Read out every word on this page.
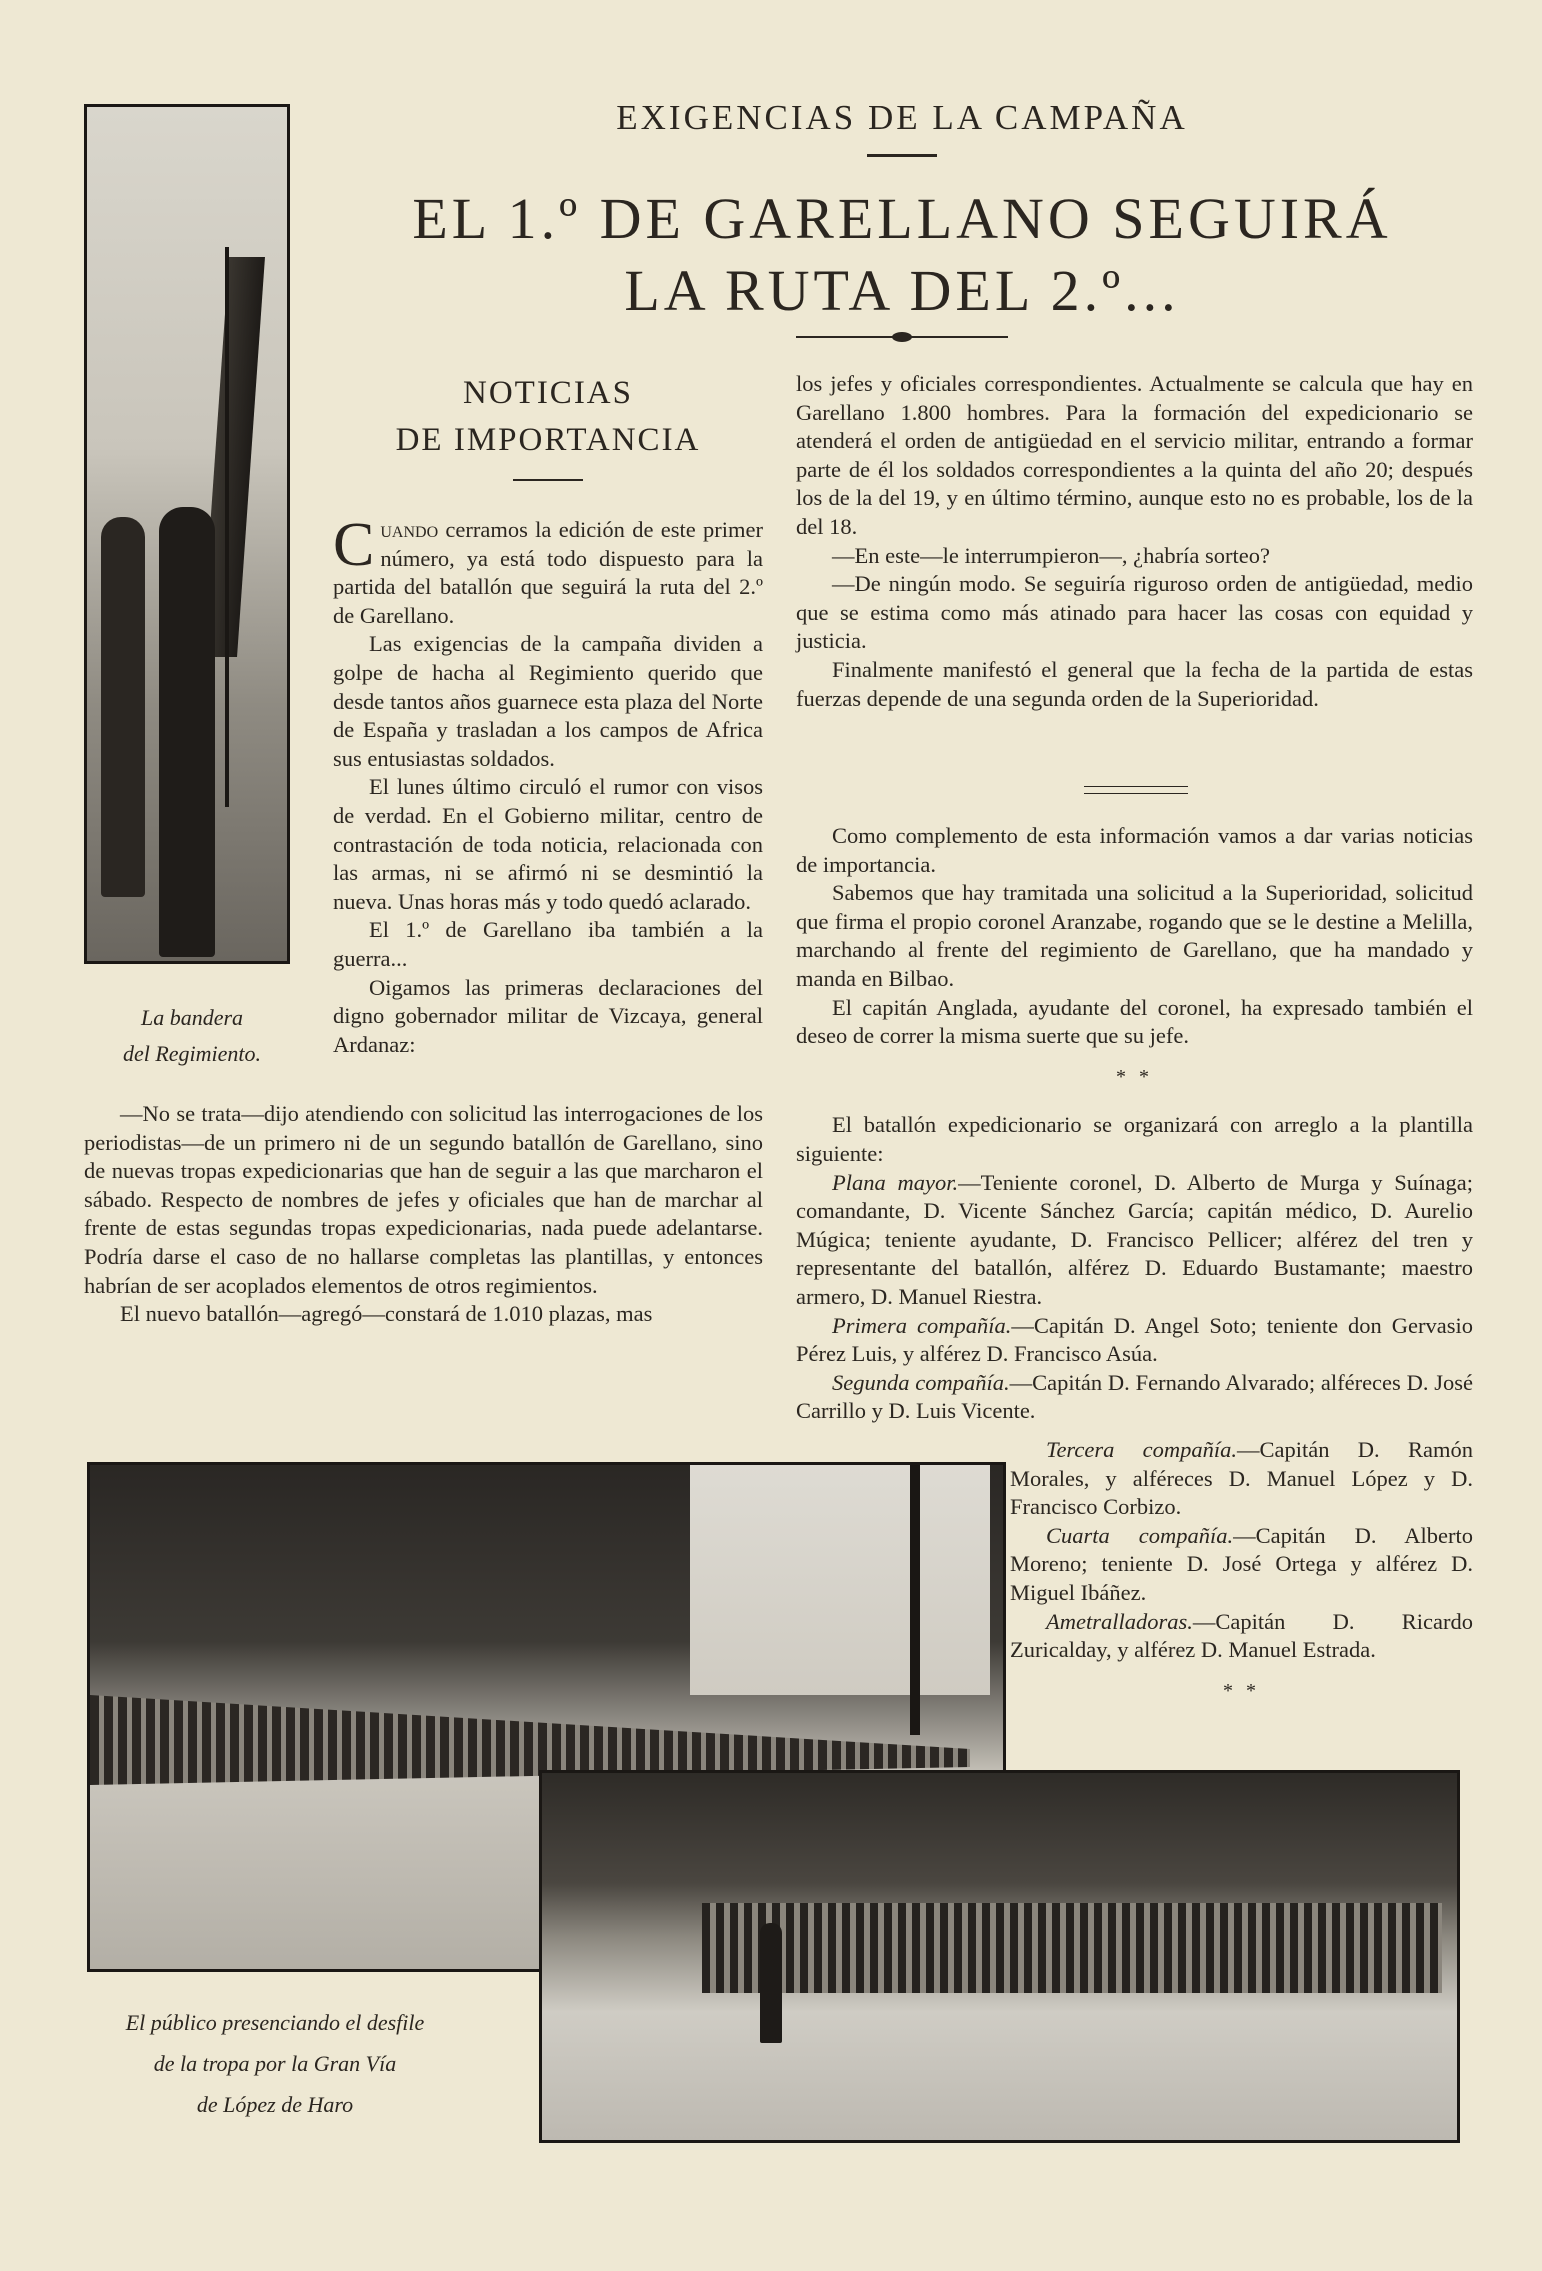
EXIGENCIAS DE LA CAMPAÑA
EL 1.º DE GARELLANO SEGUIRÁ
LA RUTA DEL 2.º...
La bandera
del Regimiento.
NOTICIAS
DE IMPORTANCIA

Cuando cerramos la edición de este primer número, ya está todo dispuesto para la partida del batallón que seguirá la ruta del 2.º de Garellano.

Las exigencias de la campaña dividen a golpe de hacha al Regimiento querido que desde tantos años guarnece esta plaza del Norte de España y trasladan a los campos de Africa sus entusiastas soldados.

El lunes último circuló el rumor con visos de verdad. En el Gobierno militar, centro de contrastación de toda noticia, relacionada con las armas, ni se afirmó ni se desmintió la nueva. Unas horas más y todo quedó aclarado.

El 1.º de Garellano iba también a la guerra...

Oigamos las primeras declaraciones del digno gobernador militar de Vizcaya, general Ardanaz:

—No se trata—dijo atendiendo con solicitud las interrogaciones de los periodistas—de un primero ni de un segundo batallón de Garellano, sino de nuevas tropas expedicionarias que han de seguir a las que marcharon el sábado. Respecto de nombres de jefes y oficiales que han de marchar al frente de estas segundas tropas expedicionarias, nada puede adelantarse. Podría darse el caso de no hallarse completas las plantillas, y entonces habrían de ser acoplados elementos de otros regimientos.

El nuevo batallón—agregó—constará de 1.010 plazas, mas

los jefes y oficiales correspondientes. Actualmente se calcula que hay en Garellano 1.800 hombres. Para la formación del expedicionario se atenderá el orden de antigüedad en el servicio militar, entrando a formar parte de él los soldados correspondientes a la quinta del año 20; después los de la del 19, y en último término, aunque esto no es probable, los de la del 18.

—En este—le interrumpieron—, ¿habría sorteo?

—De ningún modo. Se seguiría riguroso orden de antigüedad, medio que se estima como más atinado para hacer las cosas con equidad y justicia.

Finalmente manifestó el general que la fecha de la partida de estas fuerzas depende de una segunda orden de la Superioridad.

Como complemento de esta información vamos a dar varias noticias de importancia.

Sabemos que hay tramitada una solicitud a la Superioridad, solicitud que firma el propio coronel Aranzabe, rogando que se le destine a Melilla, marchando al frente del regimiento de Garellano, que ha mandado y manda en Bilbao.

El capitán Anglada, ayudante del coronel, ha expresado también el deseo de correr la misma suerte que su jefe.

* *

El batallón expedicionario se organizará con arreglo a la plantilla siguiente:

Plana mayor.—Teniente coronel, D. Alberto de Murga y Suínaga; comandante, D. Vicente Sánchez García; capitán médico, D. Aurelio Múgica; teniente ayudante, D. Francisco Pellicer; alférez del tren y representante del batallón, alférez D. Eduardo Bustamante; maestro armero, D. Manuel Riestra.

Primera compañía.—Capitán D. Angel Soto; teniente don Gervasio Pérez Luis, y alférez D. Francisco Asúa.

Segunda compañía.—Capitán D. Fernando Alvarado; alféreces D. José Carrillo y D. Luis Vicente.

Tercera compañía.—Capitán D. Ramón Morales, y alféreces D. Manuel López y D. Francisco Corbizo.

Cuarta compañía.—Capitán D. Alberto Moreno; teniente D. José Ortega y alférez D. Miguel Ibáñez.

Ametralladoras.—Capitán D. Ricardo Zuricalday, y alférez D. Manuel Estrada.

* *
El público presenciando el desfile
de la tropa por la Gran Vía
de López de Haro
